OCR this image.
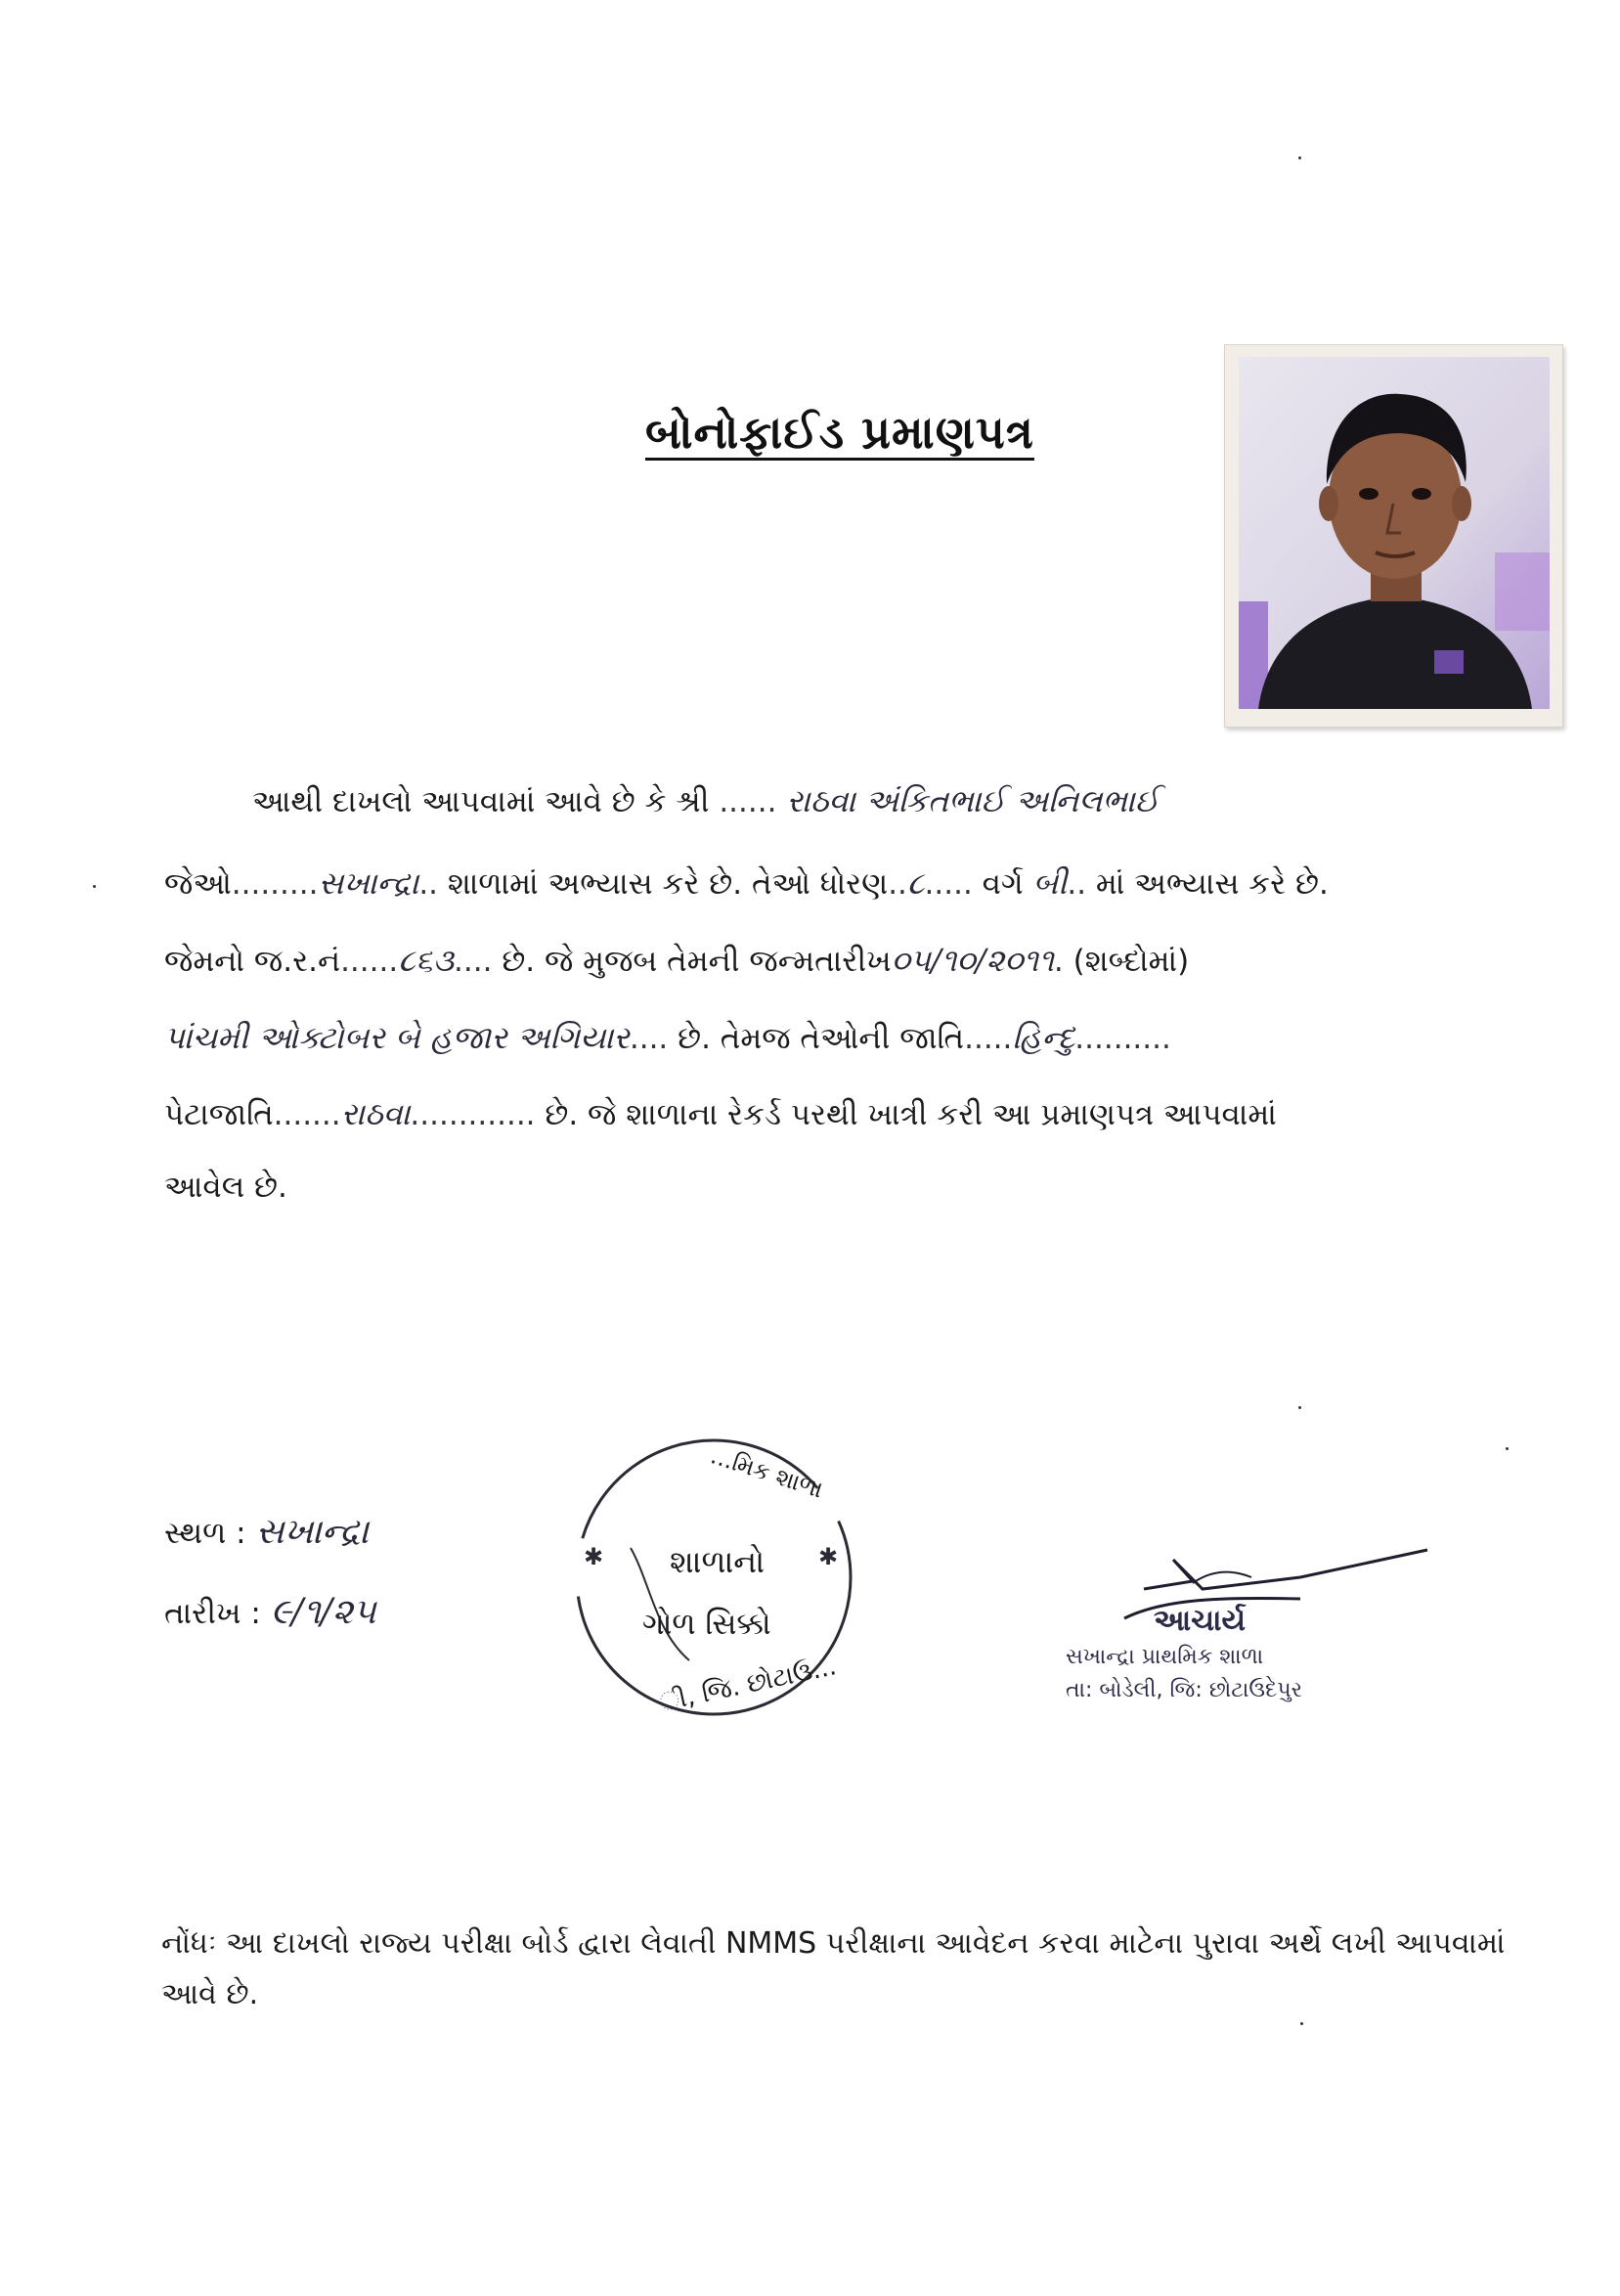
બોનોફાઈડ પ્રમાણપત્ર
આથી દાખલો આપવામાં આવે છે કે શ્રી ...... રાઠવા અંકિતભાઈ અનિલભાઈ
જેઓ.........સખાન્દ્રા.. શાળામાં અભ્યાસ કરે છે. તેઓ ધોરણ..૮..... વર્ગ બી.. માં અભ્યાસ કરે છે.
જેમનો જ.ર.નં......૮૬૩.... છે. જે મુજબ તેમની જન્મતારીખ૦૫/૧૦/૨૦૧૧. (શબ્દોમાં)
પાંચમી ઓક્ટોબર બે હજાર અગિયાર.... છે. તેમજ તેઓની જાતિ.....હિન્દુ..........
પેટાજાતિ.......રાઠવા............. છે. જે શાળાના રેકર્ડ પરથી ખાત્રી કરી આ પ્રમાણપત્ર આપવામાં
આવેલ છે.
સ્થળ : સખાન્દ્રા
તારીખ : ૯/૧/૨૫
✱	✱
...મિક શાળા
શાળાનો
ગોળ સિક્કો
ી, જિ. છોટાઉ...
આચાર્ય
સખાન્દ્રા પ્રાથમિક શાળા
તા: બોડેલી, જિ: છોટાઉદેપુર
નોંધઃ આ દાખલો રાજ્ય પરીક્ષા બોર્ડ દ્વારા લેવાતી NMMS પરીક્ષાના આવેદન કરવા માટેના પુરાવા અર્થે લખી આપવામાં આવે છે.
